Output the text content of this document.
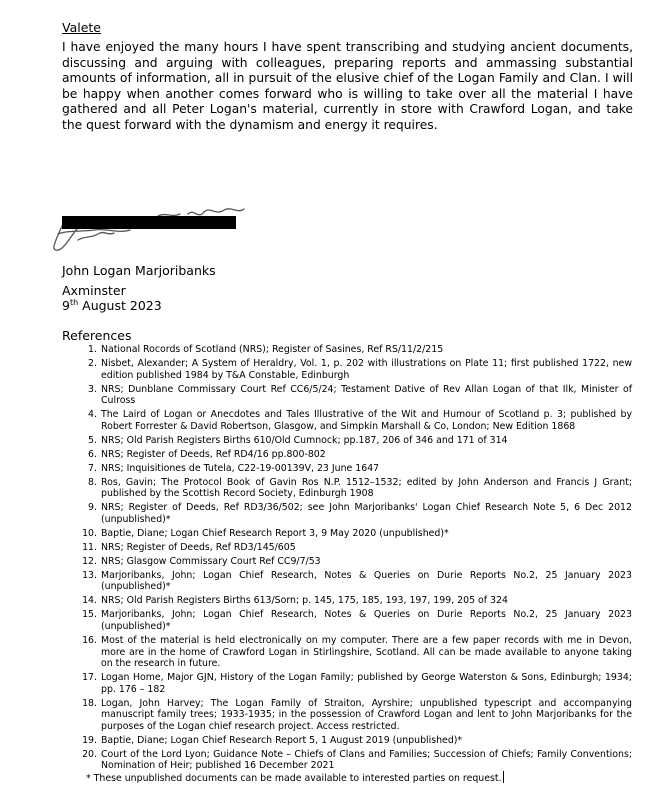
Valete
I have enjoyed the many hours I have spent transcribing and studying ancient documents, discussing and arguing with colleagues, preparing reports and ammassing substantial amounts of information, all in pursuit of the elusive chief of the Logan Family and Clan. I will be happy when another comes forward who is willing to take over all the material I have gathered and all Peter Logan's material, currently in store with Crawford Logan, and take the quest forward with the dynamism and energy it requires.
John Logan Marjoribanks
Axminster
9th August 2023
References
1. National Rocords of Scotland (NRS); Register of Sasines, Ref RS/11/2/215
2. Nisbet, Alexander; A System of Heraldry, Vol. 1, p. 202 with illustrations on Plate 11; first published 1722, new edition published 1984 by T&A Constable, Edinburgh
3. NRS; Dunblane Commissary Court Ref CC6/5/24; Testament Dative of Rev Allan Logan of that Ilk, Minister of Culross
4. The Laird of Logan or Anecdotes and Tales Illustrative of the Wit and Humour of Scotland p. 3; published by Robert Forrester & David Robertson, Glasgow, and Simpkin Marshall & Co, London; New Edition 1868
5. NRS; Old Parish Registers Births 610/Old Cumnock; pp.187, 206 of 346 and 171 of 314
6. NRS; Register of Deeds, Ref RD4/16 pp.800-802
7. NRS; Inquisitiones de Tutela, C22-19-00139V, 23 June 1647
8. Ros, Gavin; The Protocol Book of Gavin Ros N.P. 1512–1532; edited by John Anderson and Francis J Grant; published by the Scottish Record Society, Edinburgh 1908
9. NRS; Register of Deeds, Ref RD3/36/502; see John Marjoribanks' Logan Chief Research Note 5, 6 Dec 2012 (unpublished)*
10. Baptie, Diane; Logan Chief Research Report 3, 9 May 2020 (unpublished)*
11. NRS; Register of Deeds, Ref RD3/145/605
12. NRS; Glasgow Commissary Court Ref CC9/7/53
13. Marjoribanks, John; Logan Chief Research, Notes & Queries on Durie Reports No.2, 25 January 2023 (unpublished)*
14. NRS; Old Parish Registers Births 613/Sorn; p. 145, 175, 185, 193, 197, 199, 205 of 324
15. Marjoribanks, John; Logan Chief Research, Notes & Queries on Durie Reports No.2, 25 January 2023 (unpublished)*
16. Most of the material is held electronically on my computer. There are a few paper records with me in Devon, more are in the home of Crawford Logan in Stirlingshire, Scotland. All can be made available to anyone taking on the research in future.
17. Logan Home, Major GJN, History of the Logan Family; published by George Waterston & Sons, Edinburgh; 1934; pp. 176 – 182
18. Logan, John Harvey; The Logan Family of Straiton, Ayrshire; unpublished typescript and accompanying manuscript family trees; 1933-1935; in the possession of Crawford Logan and lent to John Marjoribanks for the purposes of the Logan chief research project. Access restricted.
19. Baptie, Diane; Logan Chief Research Report 5, 1 August 2019 (unpublished)*
20. Court of the Lord Lyon; Guidance Note – Chiefs of Clans and Families; Succession of Chiefs; Family Conventions; Nomination of Heir; published 16 December 2021
* These unpublished documents can be made available to interested parties on request.
